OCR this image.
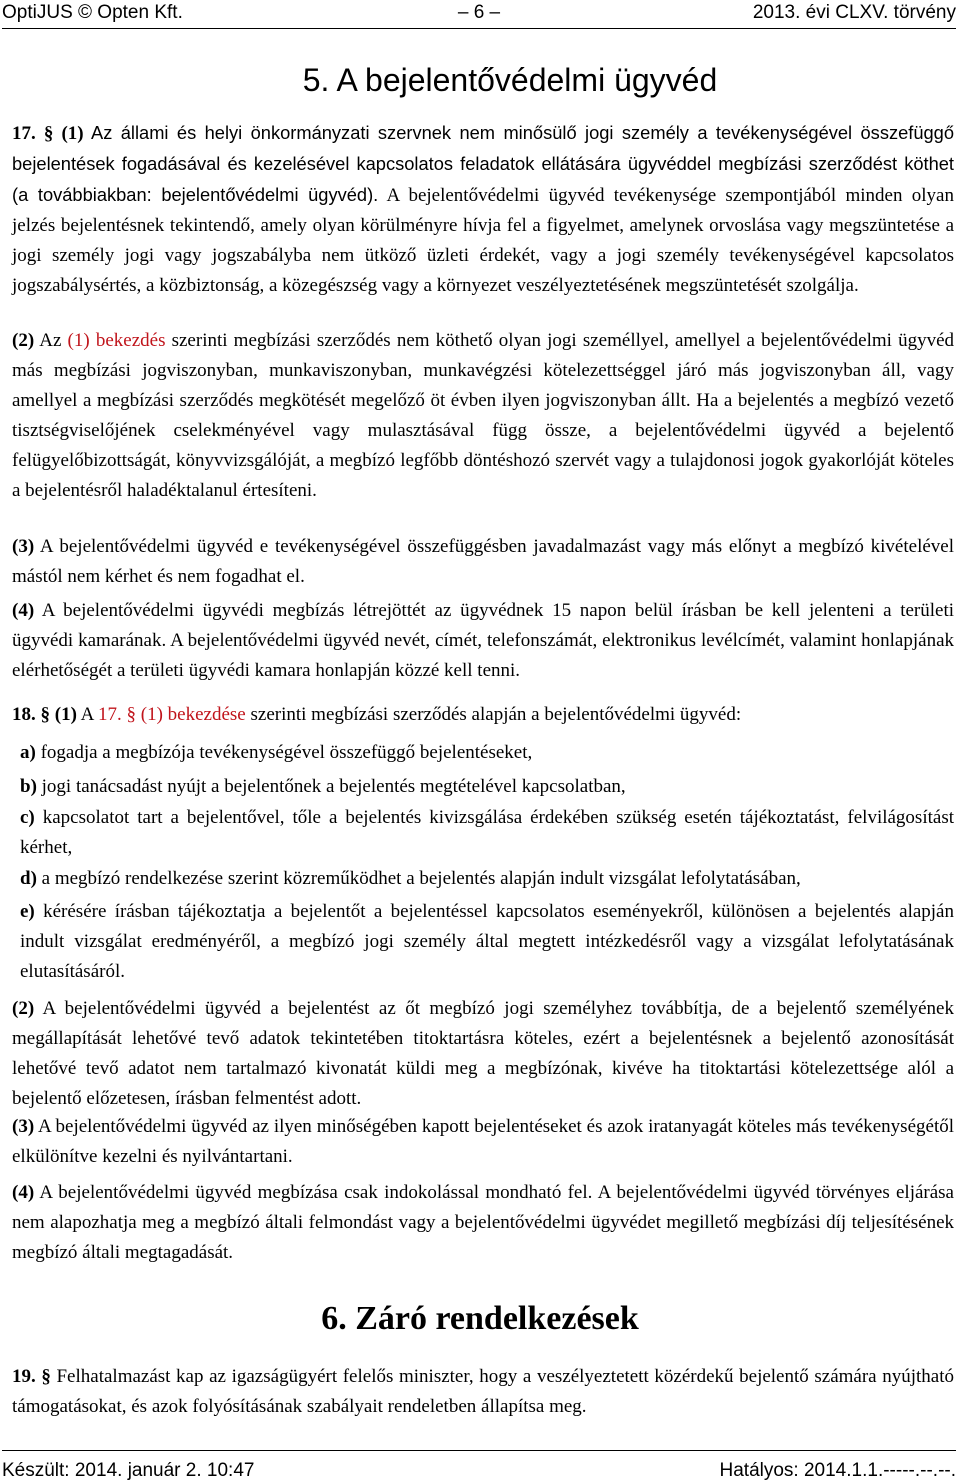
OptiJUS © Opten Kft.	– 6 –	2013. évi CLXV. törvény
5. A bejelentővédelmi ügyvéd

17. § (1) Az állami és helyi önkormányzati szervnek nem minősülő jogi személy a tevékenységével összefüggő bejelentések fogadásával és kezelésével kapcsolatos feladatok ellátására ügyvéddel megbízási szerződést köthet (a továbbiakban: bejelentővédelmi ügyvéd). A bejelentővédelmi ügyvéd tevékenysége szempontjából minden olyan jelzés bejelentésnek tekintendő, amely olyan körülményre hívja fel a figyelmet, amelynek orvoslása vagy megszüntetése a jogi személy jogi vagy jogszabályba nem ütköző üzleti érdekét, vagy a jogi személy tevékenységével kapcsolatos jogszabálysértés, a közbiztonság, a közegészség vagy a környezet veszélyeztetésének megszüntetését szolgálja.

(2) Az (1) bekezdés szerinti megbízási szerződés nem köthető olyan jogi személlyel, amellyel a bejelentővédelmi ügyvéd más megbízási jogviszonyban, munkaviszonyban, munkavégzési kötelezettséggel járó más jogviszonyban áll, vagy amellyel a megbízási szerződés megkötését megelőző öt évben ilyen jogviszonyban állt. Ha a bejelentés a megbízó vezető tisztségviselőjének cselekményével vagy mulasztásával függ össze, a bejelentővédelmi ügyvéd a bejelentő felügyelőbizottságát, könyvvizsgálóját, a megbízó legfőbb döntéshozó szervét vagy a tulajdonosi jogok gyakorlóját köteles a bejelentésről haladéktalanul értesíteni.

(3) A bejelentővédelmi ügyvéd e tevékenységével összefüggésben javadalmazást vagy más előnyt a megbízó kivételével mástól nem kérhet és nem fogadhat el.

(4) A bejelentővédelmi ügyvédi megbízás létrejöttét az ügyvédnek 15 napon belül írásban be kell jelenteni a területi ügyvédi kamarának. A bejelentővédelmi ügyvéd nevét, címét, telefonszámát, elektronikus levélcímét, valamint honlapjának elérhetőségét a területi ügyvédi kamara honlapján közzé kell tenni.

18. § (1) A 17. § (1) bekezdése szerinti megbízási szerződés alapján a bejelentővédelmi ügyvéd:

a) fogadja a megbízója tevékenységével összefüggő bejelentéseket,

b) jogi tanácsadást nyújt a bejelentőnek a bejelentés megtételével kapcsolatban,

c) kapcsolatot tart a bejelentővel, tőle a bejelentés kivizsgálása érdekében szükség esetén tájékoztatást, felvilágosítást kérhet,

d) a megbízó rendelkezése szerint közreműködhet a bejelentés alapján indult vizsgálat lefolytatásában,

e) kérésére írásban tájékoztatja a bejelentőt a bejelentéssel kapcsolatos eseményekről, különösen a bejelentés alapján indult vizsgálat eredményéről, a megbízó jogi személy által megtett intézkedésről vagy a vizsgálat lefolytatásának elutasításáról.

(2) A bejelentővédelmi ügyvéd a bejelentést az őt megbízó jogi személyhez továbbítja, de a bejelentő személyének megállapítását lehetővé tevő adatok tekintetében titoktartásra köteles, ezért a bejelentésnek a bejelentő azonosítását lehetővé tevő adatot nem tartalmazó kivonatát küldi meg a megbízónak, kivéve ha titoktartási kötelezettsége alól a bejelentő előzetesen, írásban felmentést adott.

(3) A bejelentővédelmi ügyvéd az ilyen minőségében kapott bejelentéseket és azok iratanyagát köteles más tevékenységétől elkülönítve kezelni és nyilvántartani.

(4) A bejelentővédelmi ügyvéd megbízása csak indokolással mondható fel. A bejelentővédelmi ügyvéd törvényes eljárása nem alapozhatja meg a megbízó általi felmondást vagy a bejelentővédelmi ügyvédet megillető megbízási díj teljesítésének megbízó általi megtagadását.

6. Záró rendelkezések

19. § Felhatalmazást kap az igazságügyért felelős miniszter, hogy a veszélyeztetett közérdekű bejelentő számára nyújtható támogatásokat, és azok folyósításának szabályait rendeletben állapítsa meg.

Készült: 2014. január 2. 10:47	Hatályos: 2014.1.1.-----.--.--.
